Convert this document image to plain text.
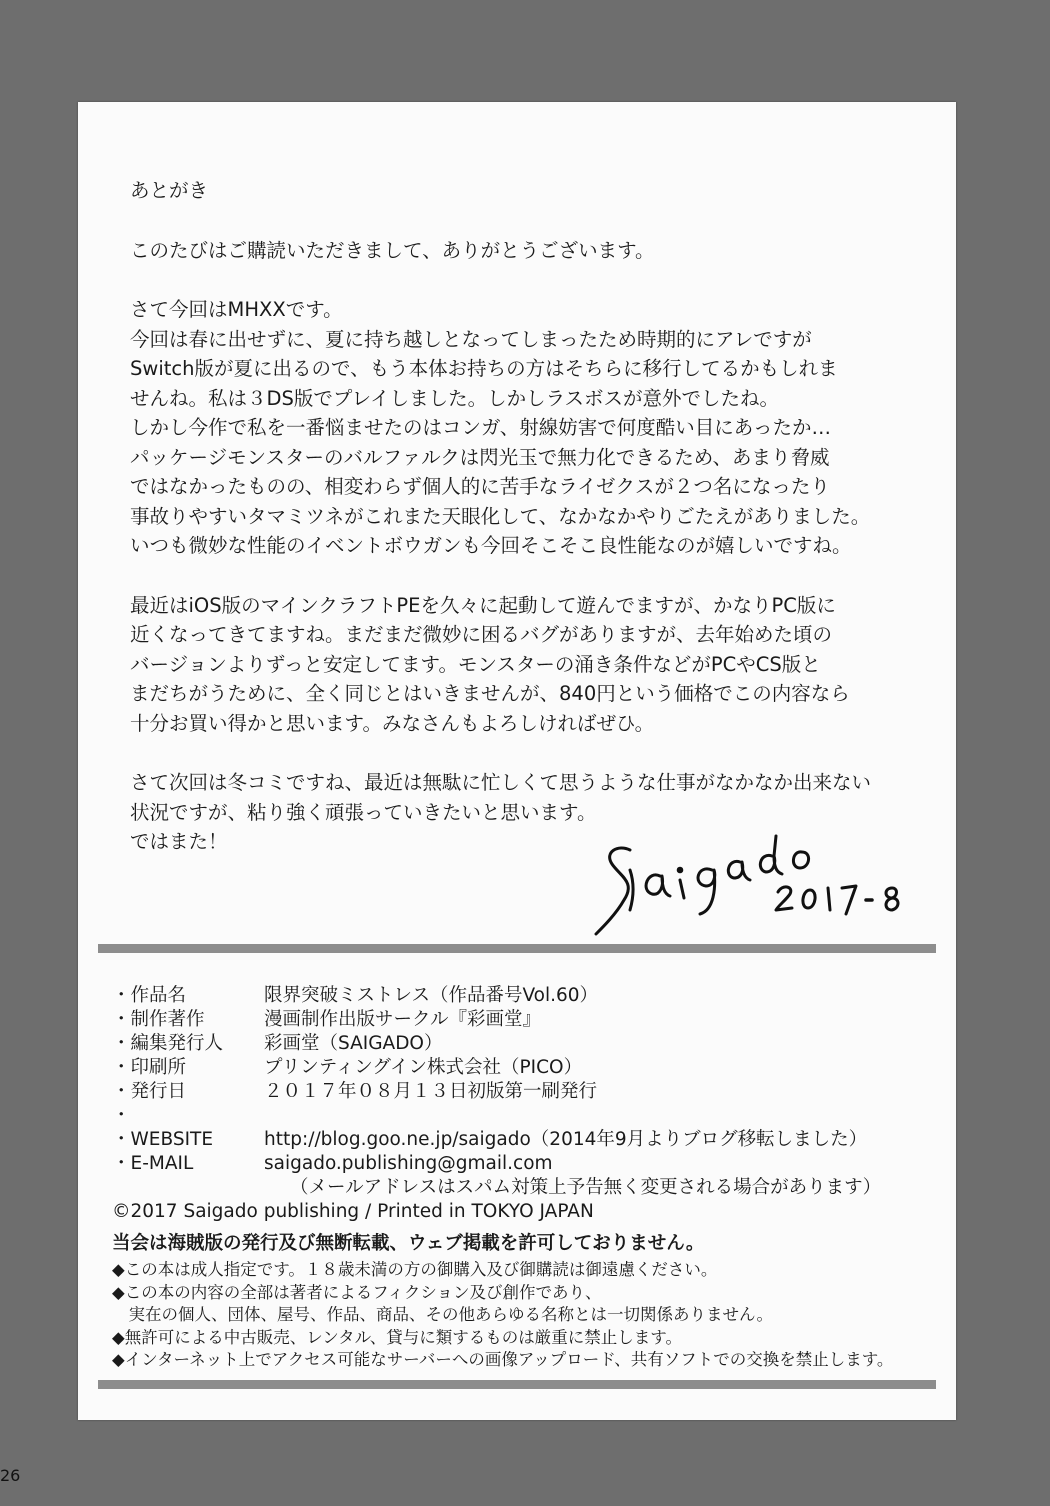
あとがき

このたびはご購読いただきまして、ありがとうございます。

さて今回はMHXXです。

今回は春に出せずに、夏に持ち越しとなってしまったため時期的にアレですが

Switch版が夏に出るので、もう本体お持ちの方はそちらに移行してるかもしれま

せんね。私は３DS版でプレイしました。しかしラスボスが意外でしたね。

しかし今作で私を一番悩ませたのはコンガ、射線妨害で何度酷い目にあったか…

パッケージモンスターのバルファルクは閃光玉で無力化できるため、あまり脅威

ではなかったものの、相変わらず個人的に苦手なライゼクスが２つ名になったり

事故りやすいタマミツネがこれまた天眼化して、なかなかやりごたえがありました。

いつも微妙な性能のイベントボウガンも今回そこそこ良性能なのが嬉しいですね。

最近はiOS版のマインクラフトPEを久々に起動して遊んでますが、かなりPC版に

近くなってきてますね。まだまだ微妙に困るバグがありますが、去年始めた頃の

バージョンよりずっと安定してます。モンスターの涌き条件などがPCやCS版と

まだちがうために、全く同じとはいきませんが、840円という価格でこの内容なら

十分お買い得かと思います。みなさんもよろしければぜひ。

さて次回は冬コミですね、最近は無駄に忙しくて思うような仕事がなかなか出来ない

状況ですが、粘り強く頑張っていきたいと思います。

ではまた！

・作品名	限界突破ミストレス（作品番号Vol.60）
・制作著作	漫画制作出版サークル『彩画堂』
・編集発行人	彩画堂（SAIGADO）
・印刷所	プリンティングイン株式会社（PICO）
・発行日	２０１７年０８月１３日初版第一刷発行
・
・WEBSITE	http://blog.goo.ne.jp/saigado（2014年9月よりブログ移転しました）
・E-MAIL	saigado.publishing@gmail.com
（メールアドレスはスパム対策上予告無く変更される場合があります）
©2017 Saigado publishing / Printed in TOKYO JAPAN
当会は海賊版の発行及び無断転載、ウェブ掲載を許可しておりません。
◆この本は成人指定です。１８歳未満の方の御購入及び御購読は御遠慮ください。
◆この本の内容の全部は著者によるフィクション及び創作であり、
　実在の個人、団体、屋号、作品、商品、その他あらゆる名称とは一切関係ありません。
◆無許可による中古販売、レンタル、貸与に類するものは厳重に禁止します。
◆インターネット上でアクセス可能なサーバーへの画像アップロード、共有ソフトでの交換を禁止します。
26
